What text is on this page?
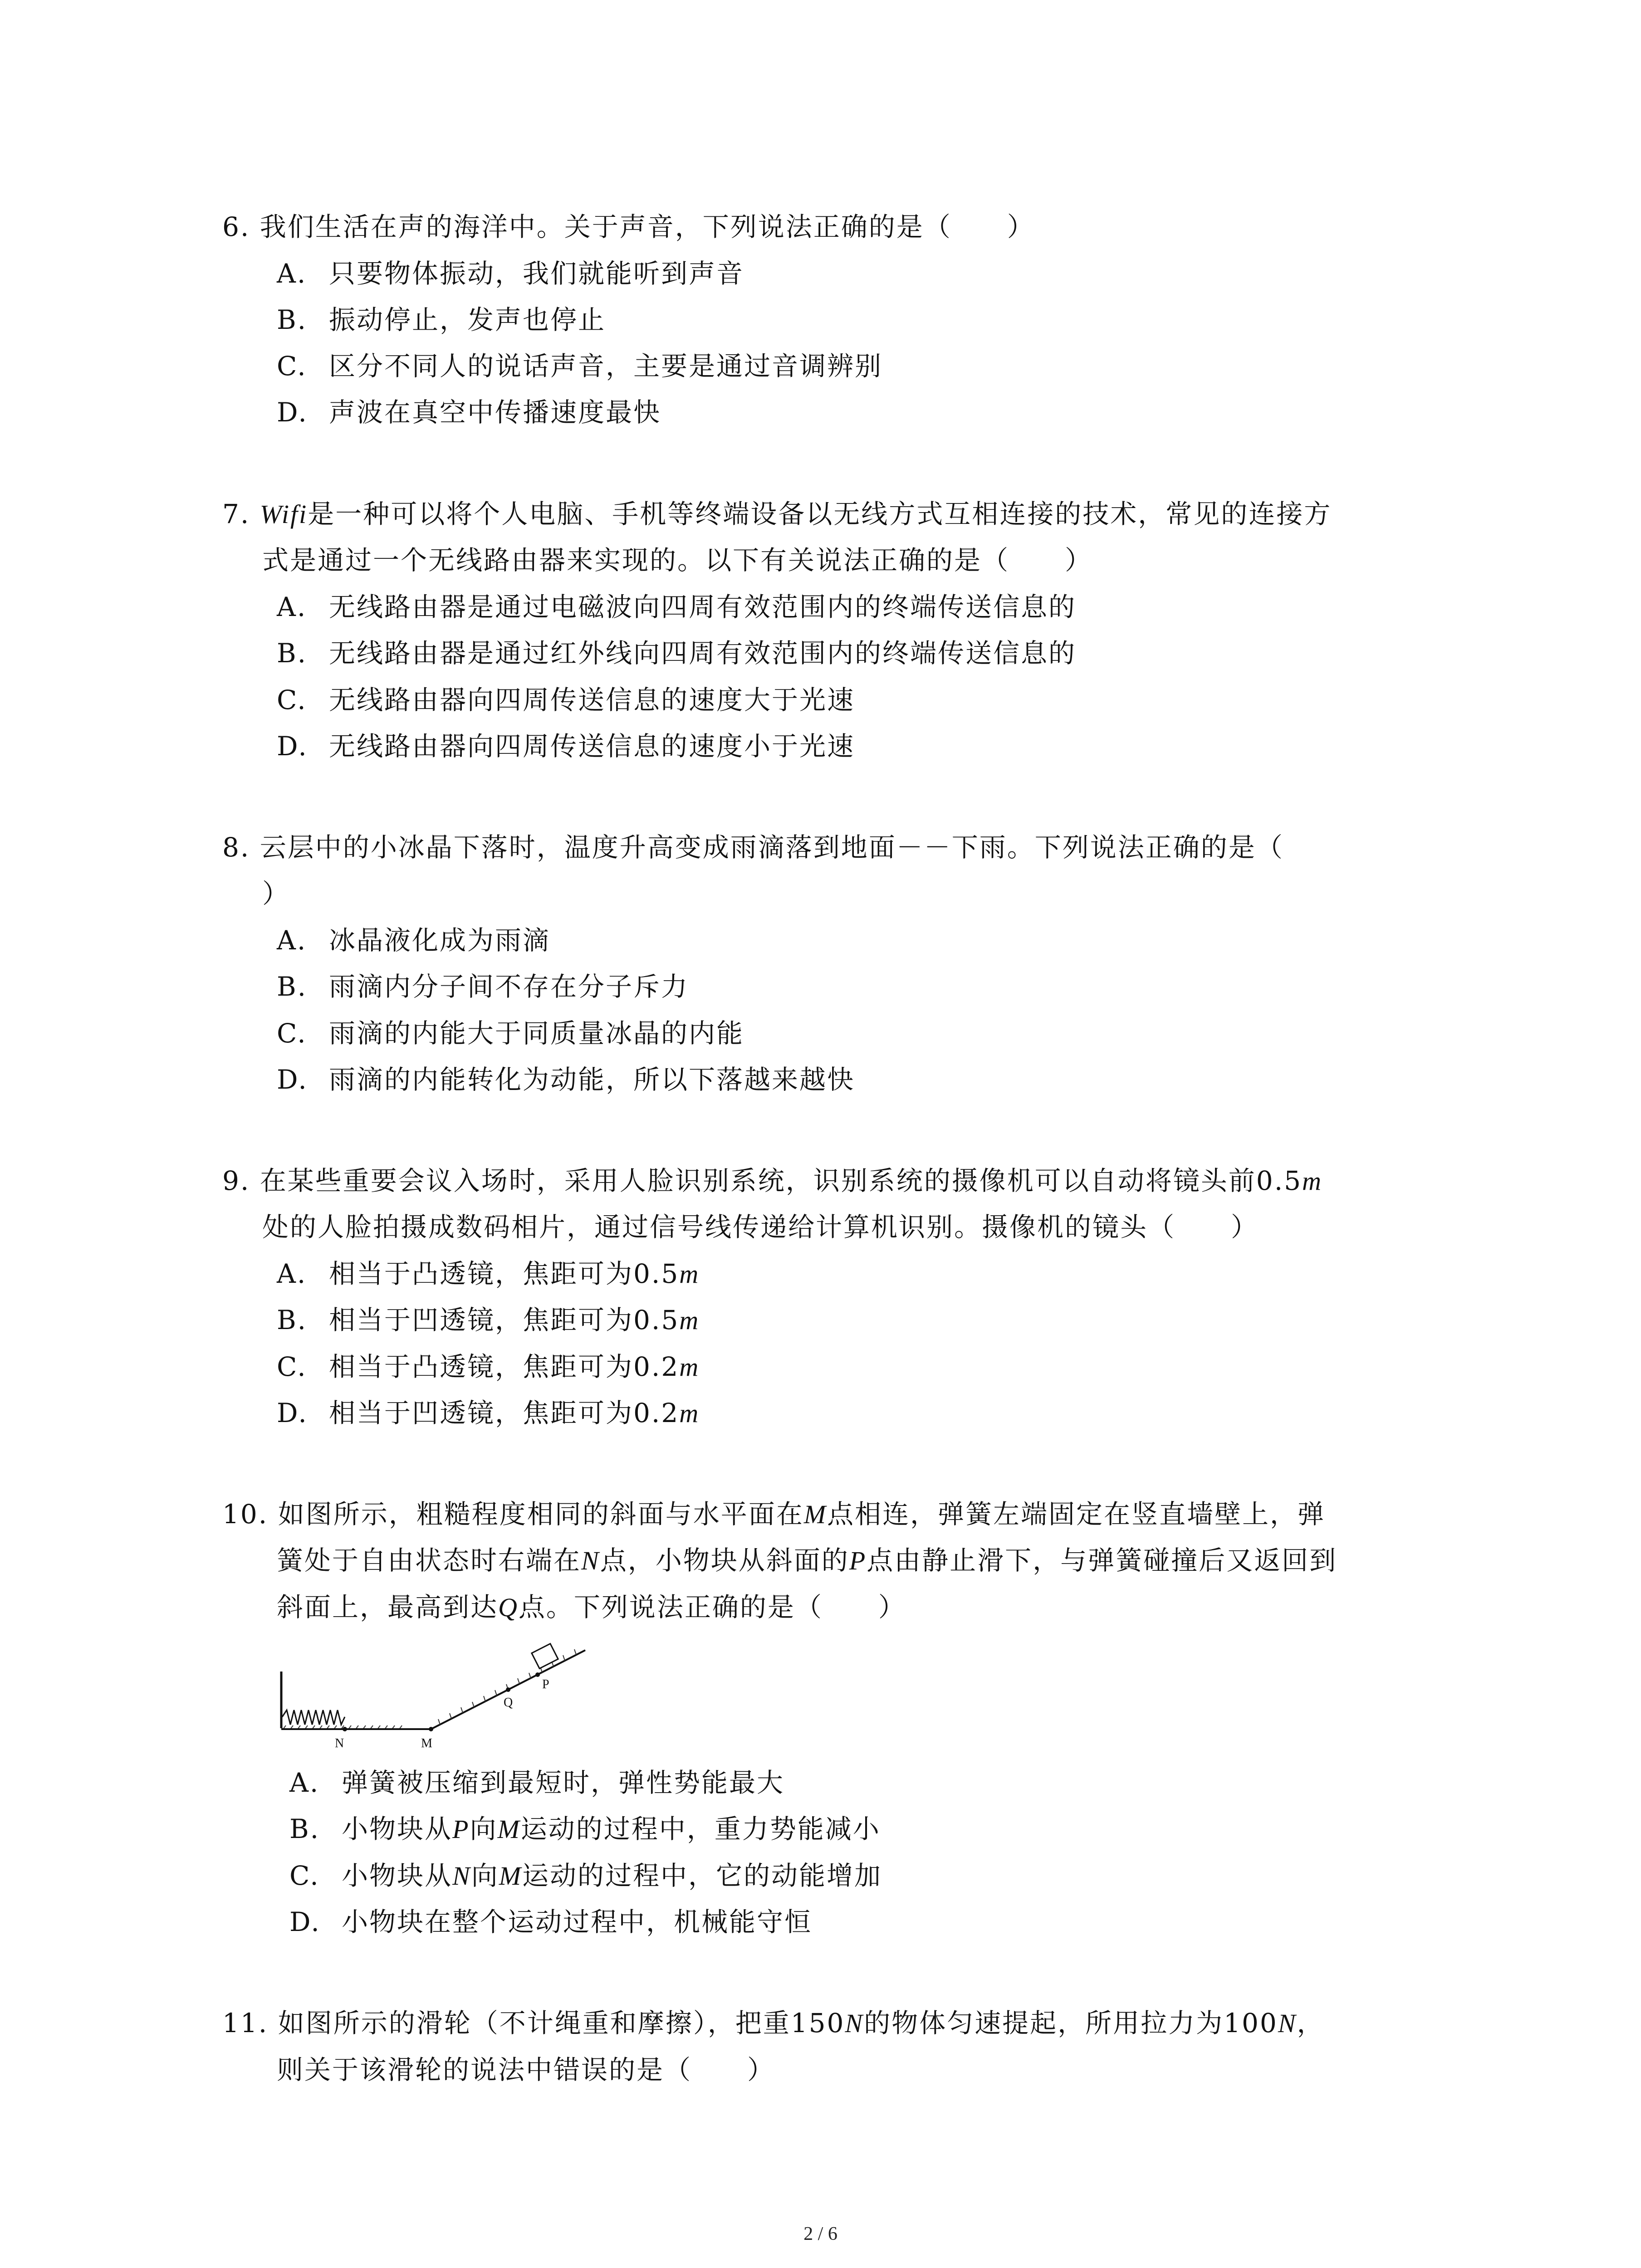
6. 我们生活在声的海洋中。关于声音，下列说法正确的是（　　）
A. 只要物体振动，我们就能听到声音
B. 振动停止，发声也停止
C. 区分不同人的说话声音，主要是通过音调辨别
D. 声波在真空中传播速度最快
7. Wifi是一种可以将个人电脑、手机等终端设备以无线方式互相连接的技术，常见的连接方
式是通过一个无线路由器来实现的。以下有关说法正确的是（　　）
A. 无线路由器是通过电磁波向四周有效范围内的终端传送信息的
B. 无线路由器是通过红外线向四周有效范围内的终端传送信息的
C. 无线路由器向四周传送信息的速度大于光速
D. 无线路由器向四周传送信息的速度小于光速
8. 云层中的小冰晶下落时，温度升高变成雨滴落到地面－－下雨。下列说法正确的是（
）
A. 冰晶液化成为雨滴
B. 雨滴内分子间不存在分子斥力
C. 雨滴的内能大于同质量冰晶的内能
D. 雨滴的内能转化为动能，所以下落越来越快
9. 在某些重要会议入场时，采用人脸识别系统，识别系统的摄像机可以自动将镜头前0.5m
处的人脸拍摄成数码相片，通过信号线传递给计算机识别。摄像机的镜头（　　）
A. 相当于凸透镜，焦距可为0.5m
B. 相当于凹透镜，焦距可为0.5m
C. 相当于凸透镜，焦距可为0.2m
D. 相当于凹透镜，焦距可为0.2m
10. 如图所示，粗糙程度相同的斜面与水平面在M点相连，弹簧左端固定在竖直墙壁上，弹
簧处于自由状态时右端在N点，小物块从斜面的P点由静止滑下，与弹簧碰撞后又返回到
斜面上，最高到达Q点。下列说法正确的是（　　）
N	M
Q
P
A. 弹簧被压缩到最短时，弹性势能最大
B. 小物块从P向M运动的过程中，重力势能减小
C. 小物块从N向M运动的过程中，它的动能增加
D. 小物块在整个运动过程中，机械能守恒
11. 如图所示的滑轮（不计绳重和摩擦），把重150N的物体匀速提起，所用拉力为100N，
则关于该滑轮的说法中错误的是（　　）
2 / 6
